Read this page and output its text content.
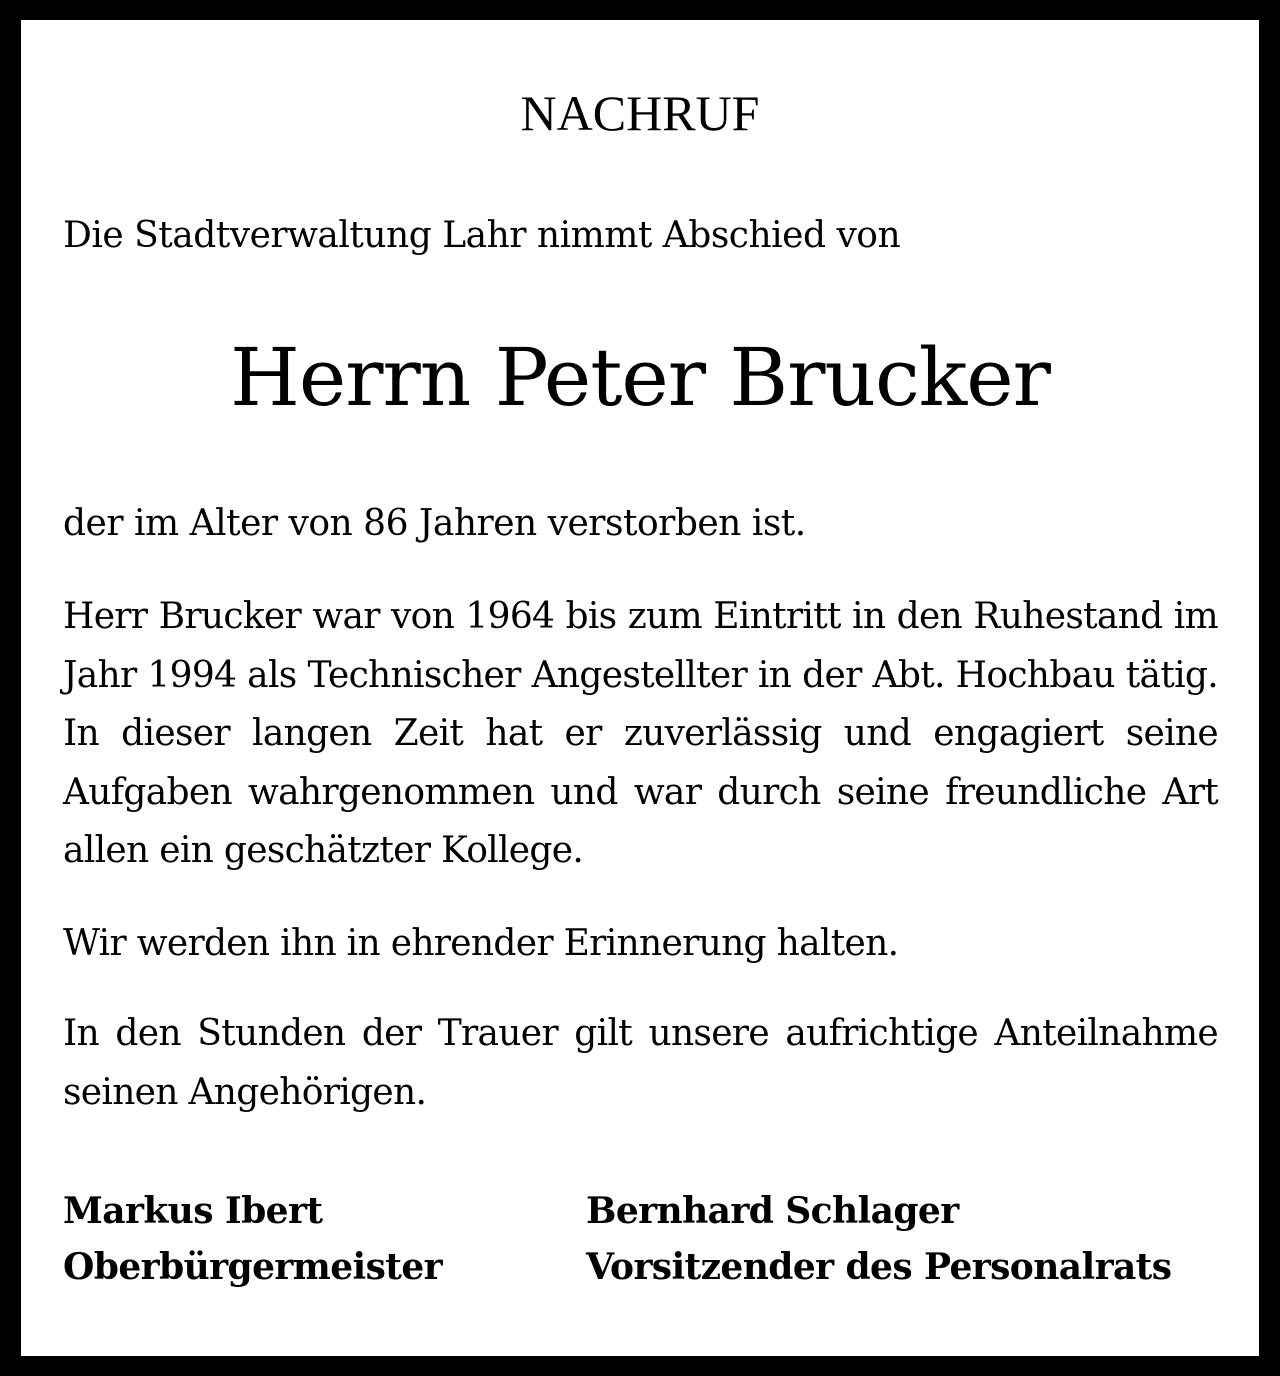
NACHRUF
Die Stadtverwaltung Lahr nimmt Abschied von
Herrn Peter Brucker
der im Alter von 86 Jahren verstorben ist.
Herr Brucker war von 1964 bis zum Eintritt in den Ruhestand im Jahr 1994 als Technischer Angestellter in der Abt. Hochbau tätig. In dieser langen Zeit hat er zuverlässig und engagiert seine Aufgaben wahrgenommen und war durch seine freundliche Art allen ein geschätzter Kollege.
Wir werden ihn in ehrender Erinnerung halten.
In den Stunden der Trauer gilt unsere aufrichtige Anteilnahme seinen Angehörigen.
Markus Ibert
Oberbürgermeister
Bernhard Schlager
Vorsitzender des Personalrats
